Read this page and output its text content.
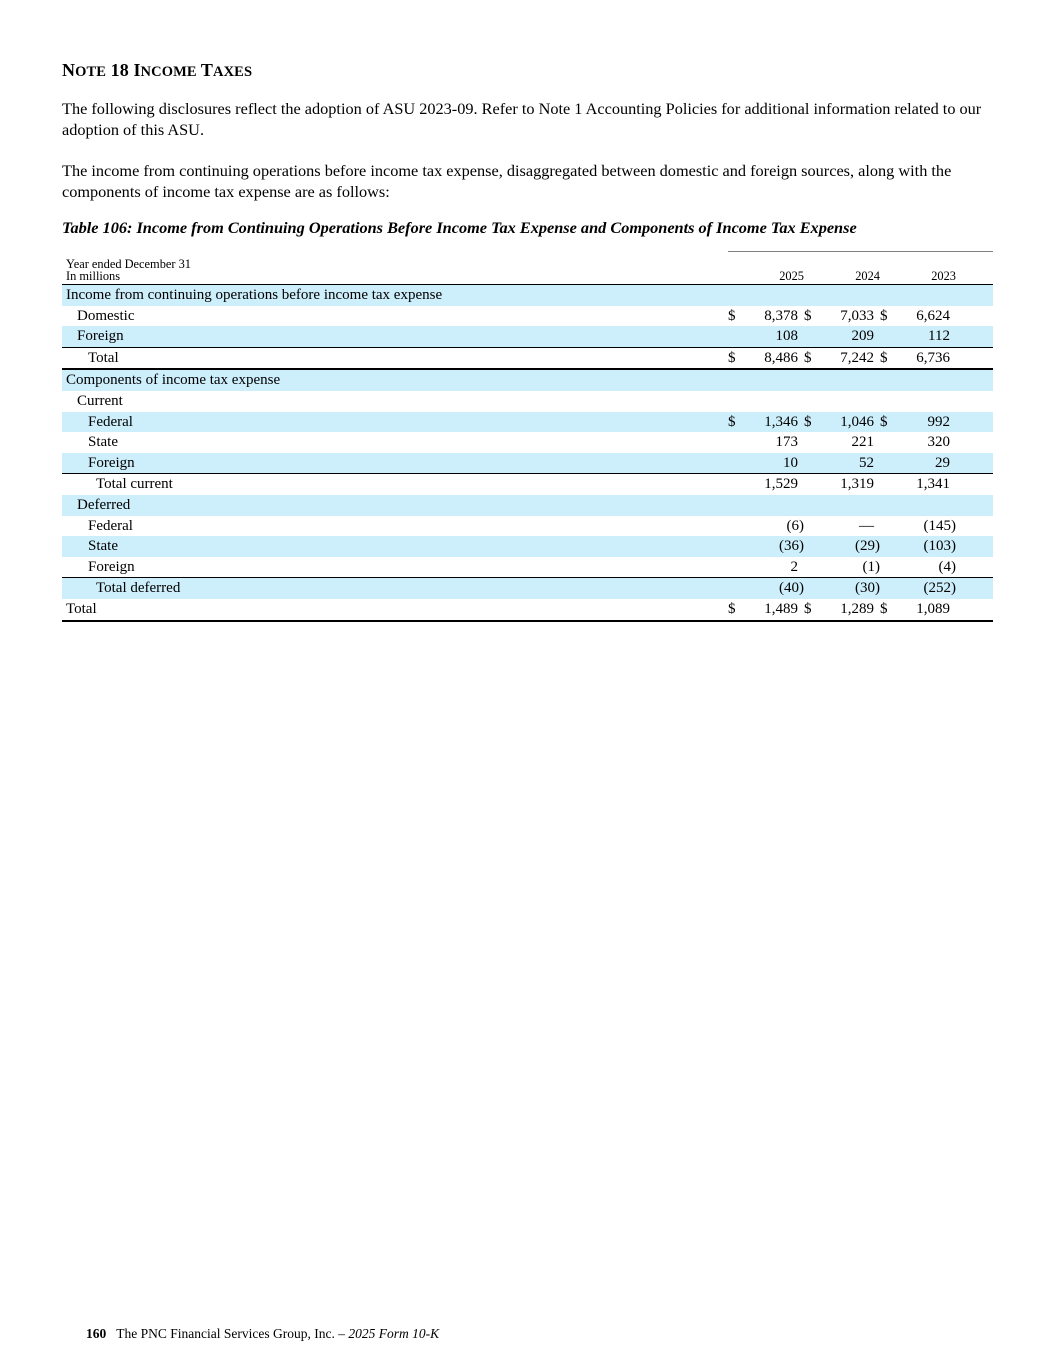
NOTE 18 INCOME TAXES
The following disclosures reflect the adoption of ASU 2023-09. Refer to Note 1 Accounting Policies for additional information related to our adoption of this ASU.
The income from continuing operations before income tax expense, disaggregated between domestic and foreign sources, along with the components of income tax expense are as follows:
Table 106: Income from Continuing Operations Before Income Tax Expense and Components of Income Tax Expense
Year ended December 31
In millions		2025		2024		2023	
Income from continuing operations before income tax expense							
Domestic	$	8,378	$	7,033	$	6,624	
Foreign		108		209		112	
Total	$	8,486	$	7,242	$	6,736	
Components of income tax expense							
Current							
Federal	$	1,346	$	1,046	$	992	
State		173		221		320	
Foreign		10		52		29	
Total current		1,529		1,319		1,341	
Deferred							
Federal		(6)		—		(145)	
State		(36)		(29)		(103)	
Foreign		2		(1)		(4)	
Total deferred		(40)		(30)		(252)	
Total	$	1,489	$	1,289	$	1,089	
160 The PNC Financial Services Group, Inc. – 2025 Form 10-K
